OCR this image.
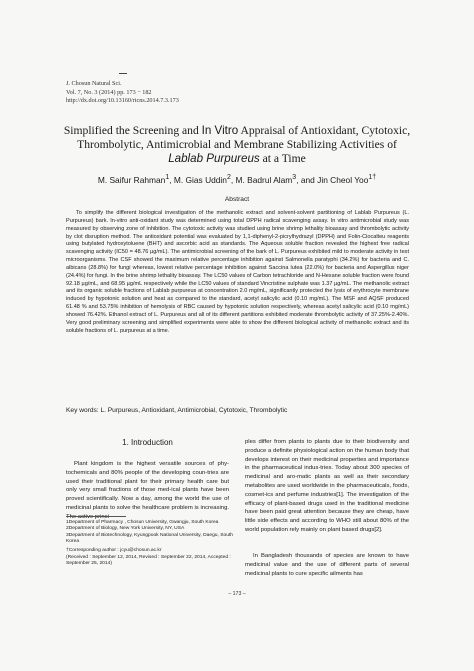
J. Chosun Natural Sci.
Vol. 7, No. 3 (2014) pp. 173 − 182
http://dx.doi.org/10.13160/ricns.2014.7.3.173
Simplified the Screening and In Vitro Appraisal of Antioxidant, Cytotoxic,
Thrombolytic, Antimicrobial and Membrane Stabilizing Activities of
Lablab Purpureus at a Time
M. Saifur Rahman$^1$, M. Gias Uddin$^2$, M. Badrul Alam$^3$, and Jin Cheol Yoo$^{1\dagger}$
Abstract

To simplify the different biological investigation of the methanolic extract and solvent-solvent partitioning of Lablab Purpureus (L. Purpureus) bark. In-vitro anti-oxidant study was determined using total DPPH radical scavenging assay. In vitro antimicrobial study was measured by observing zone of inhibition. The cytotoxic activity was studied using brine shrimp lethality bioassay and thrombolytic activity by clot disruption method. The antioxidant potential was evaluated by 1,1-diphenyl-2-picrylhydrazyl (DPPH) and Folin-Ciocalteu reagents using butylated hydroxytoluene (BHT) and ascorbic acid as standards. The Aqueous soluble fraction revealed the highest free radical scavenging activity (IC50 = 48.76 µg/mL). The antimicrobial screening of the bark of L. Purpureus exhibited mild to moderate activity in test microorganisms. The CSF showed the maximum relative percentage inhibition against Salmonella paratyphi (34.2%) for bacteria and C. albicans (28.8%) for fungi whereas, lowest relative percentage inhibition against Saccina lutea (22.0%) for bacteria and Aspergillus niger (24.4%) for fungi. In the brine shrimp lethality bioassay. The LC50 values of Carbon tetrachloride and N-Hexane soluble fraction were found 92.18 µg/mL, and 68.95 µg/mL respectively while the LC50 values of standard Vincristine sulphate was 1.37 µg/mL. The methanolic extract and its organic soluble fractions of Lablab purpureus at concentration 2.0 mg/mL, significantly protected the lysis of erythrocyte membrane induced by hypotonic solution and heat as compared to the standard, acetyl salicylic acid (0.10 mg/mL). The MSF and AQSF produced 61.48 % and 53.75% inhibition of hemolysis of RBC caused by hypotonic solution respectively, whereas acetyl salicylic acid (0.10 mg/mL) showed 76.42%. Ethanol extract of L. Purpureus and all of its different partitions exhibited moderate thrombolytic activity of 37.25%-2.40%. Very good preliminary screening and simplified experiments were able to show the different biological activity of methanolic extract and its soluble fractions of L. purpureus at a time.

Key words: L. Purpureus, Antioxidant, Antimicrobial, Cytotoxic, Thrombolytic
1. Introduction

Plant kingdom is the highest versatile sources of phy-tochemicals and 80% people of the developing coun-tries are used their traditional plant for their primary health care but only very small fractions of those med-ical plants have been proved scientifically. Now a day, among the world the use of medicinal plants to solve the healthcare problem is increasing. The active princi-

1Department of Pharmacy , Chosun University, Gwangju, South Korea 2Department of Biology, New York University, NY, USA

3Department of Biotechnology, Kyungpook National University, Daegu, South Korea

†Corresponding author : jcyu@chosun.ac.kr

(Received : September 12, 2014, Revised : September 22, 2014, Accepted : September 25, 2014)

ples differ from plants to plants due to their biodiversity and produce a definite physiological action on the human body that develops interest on their medicinal properties and importance in the pharmaceutical indus-tries. Today about 300 species of medicinal and aro-matic plants as well as their secondary metabolites are used worldwide in the pharmaceuticals, foods, cosmet-ics and perfume industries[1]. The investigation of the efficacy of plant-based drugs used in the traditional medicine have been paid great attention because they are cheap, have little side effects and according to WHO still about 80% of the world population rely mainly on plant based drugs[2].

In Bangladesh thousands of species are known to have medicinal value and the use of different parts of several medicinal plants to cure specific ailments has

– 173 –
